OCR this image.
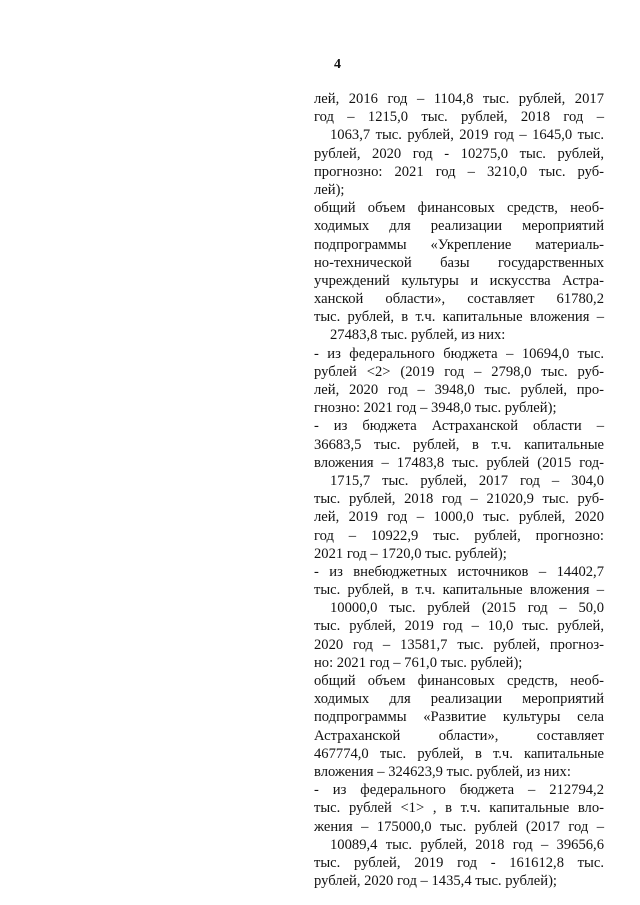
4
лей, 2016 год – 1104,8 тыс. рублей, 2017
год – 1215,0 тыс. рублей, 2018 год –
1063,7 тыс. рублей, 2019 год – 1645,0 тыс.
рублей, 2020 год - 10275,0 тыс. рублей,
прогнозно: 2021 год – 3210,0 тыс. руб-
лей);
общий объем финансовых средств, необ-
ходимых для реализации мероприятий
подпрограммы «Укрепление материаль-
но-технической базы государственных
учреждений культуры и искусства Астра-
ханской области», составляет 61780,2
тыс. рублей, в т.ч. капитальные вложения –
27483,8 тыс. рублей, из них:
- из федерального бюджета – 10694,0 тыс.
рублей <2> (2019 год – 2798,0 тыс. руб-
лей, 2020 год – 3948,0 тыс. рублей, про-
гнозно: 2021 год – 3948,0 тыс. рублей);
- из бюджета Астраханской области –
36683,5 тыс. рублей, в т.ч. капитальные
вложения – 17483,8 тыс. рублей (2015 год-
1715,7 тыс. рублей, 2017 год – 304,0
тыс. рублей, 2018 год – 21020,9 тыс. руб-
лей, 2019 год – 1000,0 тыс. рублей, 2020
год – 10922,9 тыс. рублей, прогнозно:
2021 год – 1720,0 тыс. рублей);
- из внебюджетных источников – 14402,7
тыс. рублей, в т.ч. капитальные вложения –
10000,0 тыс. рублей (2015 год – 50,0
тыс. рублей, 2019 год – 10,0 тыс. рублей,
2020 год – 13581,7 тыс. рублей, прогноз-
но: 2021 год – 761,0 тыс. рублей);
общий объем финансовых средств, необ-
ходимых для реализации мероприятий
подпрограммы «Развитие культуры села
Астраханской области», составляет
467774,0 тыс. рублей, в т.ч. капитальные
вложения – 324623,9 тыс. рублей, из них:
- из федерального бюджета – 212794,2
тыс. рублей <1> , в т.ч. капитальные вло-
жения – 175000,0 тыс. рублей (2017 год –
10089,4 тыс. рублей, 2018 год – 39656,6
тыс. рублей, 2019 год - 161612,8 тыс.
рублей, 2020 год – 1435,4 тыс. рублей);
